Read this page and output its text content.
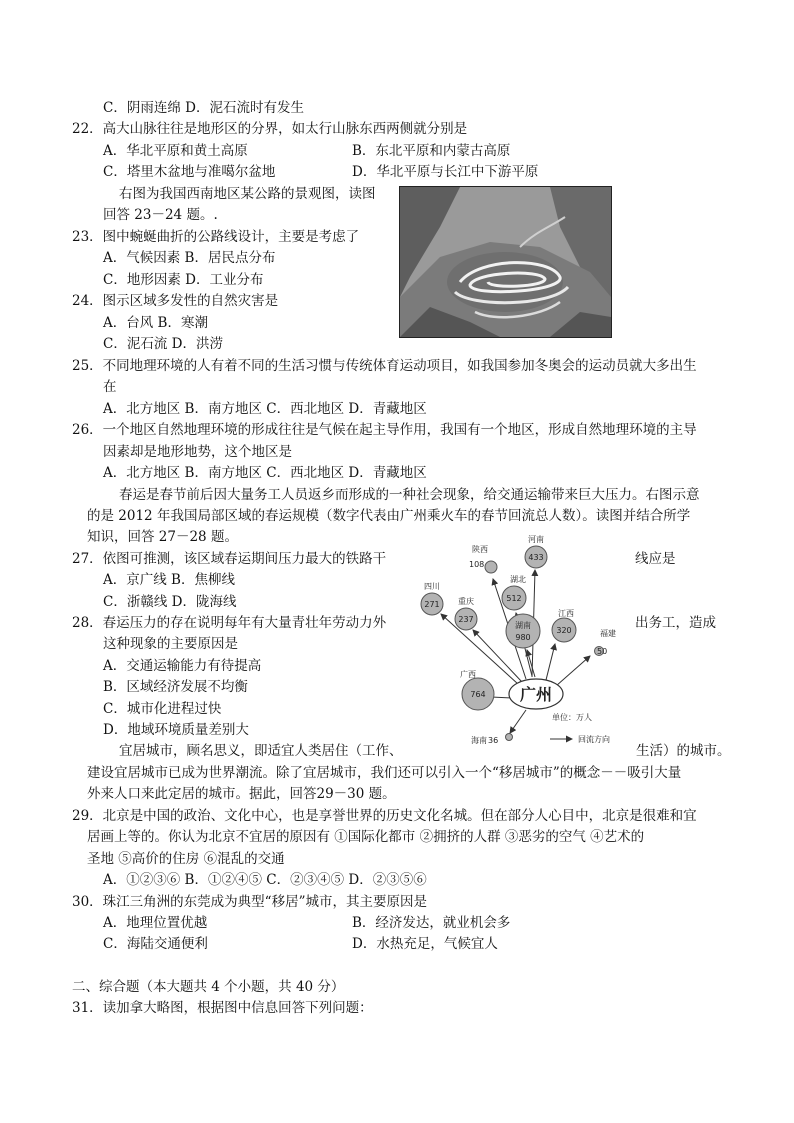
C．阴雨连绵 D．泥石流时有发生
22．高大山脉往往是地形区的分界，如太行山脉东西两侧就分别是
A．华北平原和黄土高原	B．东北平原和内蒙古高原
C．塔里木盆地与准噶尔盆地	D．华北平原与长江中下游平原
右图为我国西南地区某公路的景观图，读图
回答 23－24 题。.
23．图中蜿蜒曲折的公路线设计，主要是考虑了
A．气候因素 B．居民点分布
C．地形因素 D．工业分布
24．图示区域多发性的自然灾害是
A．台风 B．寒潮
C．泥石流 D．洪涝
25．不同地理环境的人有着不同的生活习惯与传统体育运动项目，如我国参加冬奥会的运动员就大多出生
在
A．北方地区 B．南方地区 C．西北地区 D．青藏地区
26．一个地区自然地理环境的形成往往是气候在起主导作用，我国有一个地区，形成自然地理环境的主导
因素却是地形地势，这个地区是
A．北方地区 B．南方地区 C．西北地区 D．青藏地区
春运是春节前后因大量务工人员返乡而形成的一种社会现象，给交通运输带来巨大压力。右图示意
的是 2012 年我国局部区域的春运规模（数字代表由广州乘火车的春节回流总人数）。读图并结合所学
知识，回答 27－28 题。
27．依图可推测，该区域春运期间压力最大的铁路干	线应是
A．京广线 B．焦柳线
C．浙赣线 D．陇海线
28．春运压力的存在说明每年有大量青壮年劳动力外	出务工，造成
这种现象的主要原因是
A．交通运输能力有待提高
B．区域经济发展不均衡
C．城市化进程过快
D．地域环境质量差别大
宜居城市，顾名思义，即适宜人类居住（工作、	生活）的城市。
建设宜居城市已成为世界潮流。除了宜居城市，我们还可以引入一个“移居城市”的概念－－吸引大量
外来人口来此定居的城市。据此，回答29－30 题。
29．北京是中国的政治、文化中心，也是享誉世界的历史文化名城。但在部分人心目中，北京是很难和宜
居画上等的。你认为北京不宜居的原因有 ①国际化都市 ②拥挤的人群 ③恶劣的空气 ④艺术的
圣地 ⑤高价的住房 ⑥混乱的交通
A．①②③⑥ B．①②④⑤ C．②③④⑤ D．②③⑤⑥
30．珠江三角洲的东莞成为典型“移居”城市，其主要原因是
A．地理位置优越	B．经济发达，就业机会多
C．海陆交通便利	D．水热充足，气候宜人
二、综合题（本大题共 4 个小题，共 40 分）
31．读加拿大略图，根据图中信息回答下列问题：
广州
河南
433
陕西
108
湖北
512
四川
271 重庆
237
湖南
980
江西
320	福建
50
广西
764
海南 36
单位：万人
回流方向
